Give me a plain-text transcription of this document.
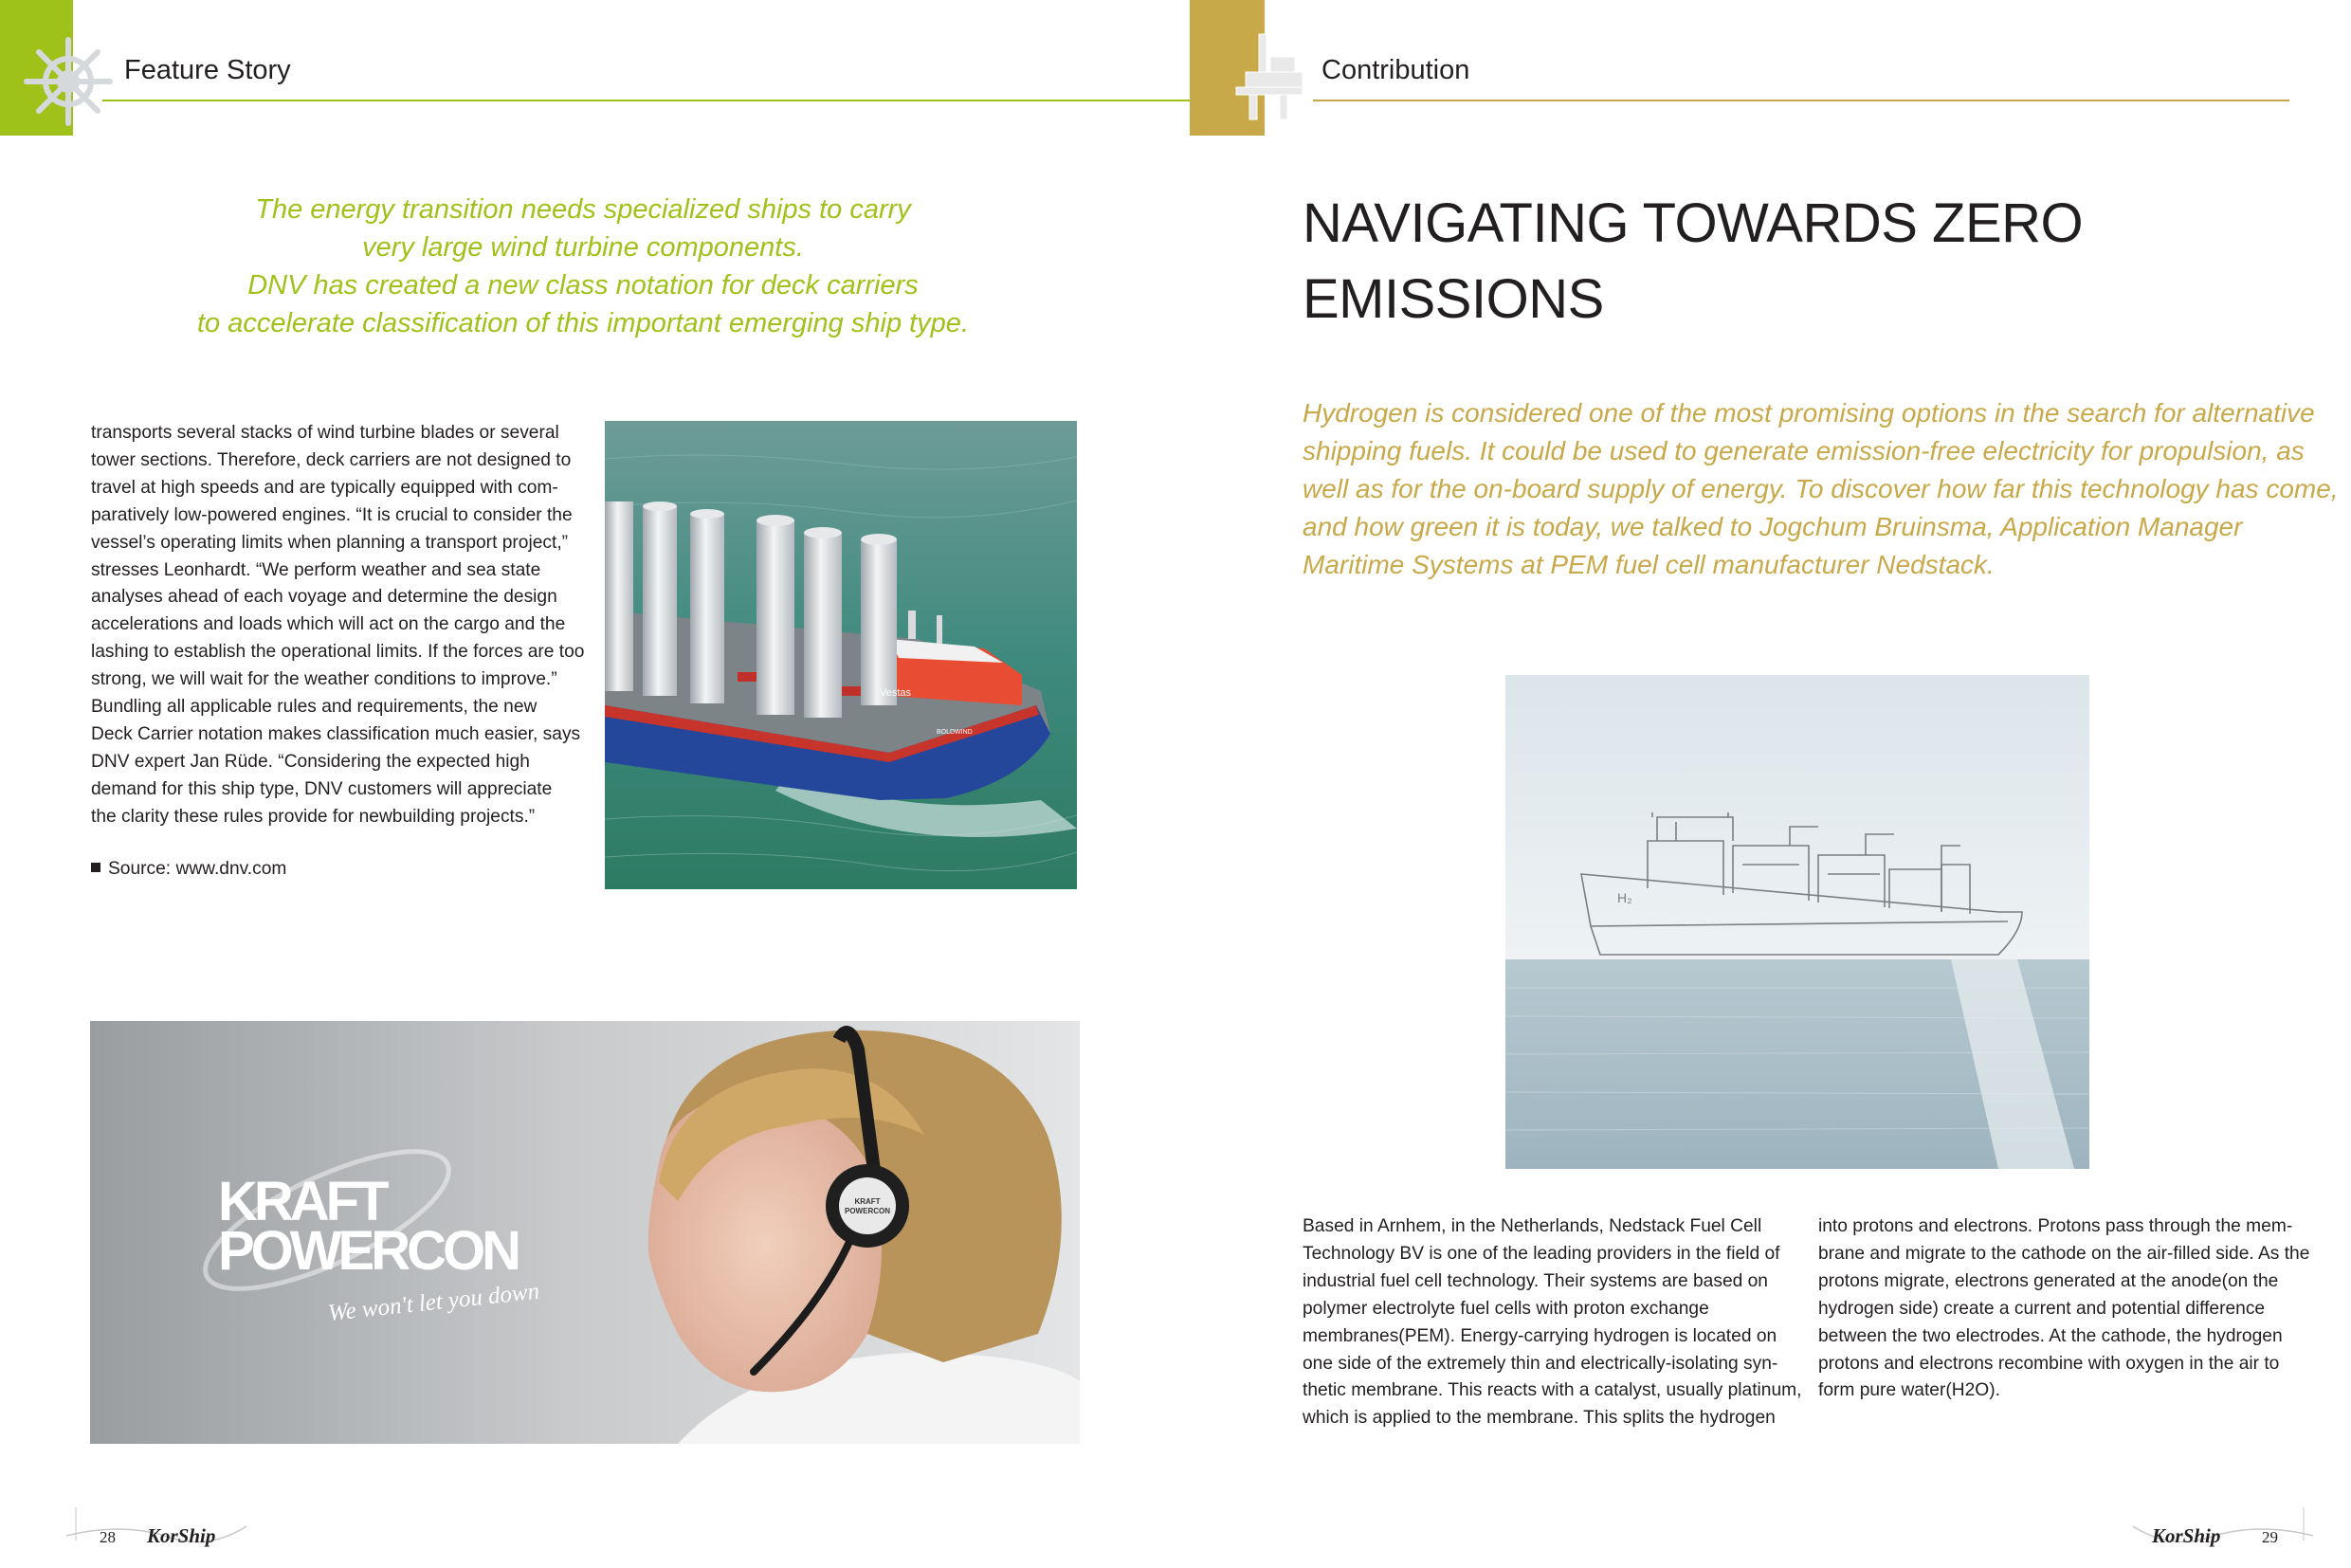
Feature Story	Contribution
The energy transition needs specialized ships to carry
very large wind turbine components.
DNV has created a new class notation for deck carriers
to accelerate classification of this important emerging ship type.
transports several stacks of wind turbine blades or several
tower sections. Therefore, deck carriers are not designed to
travel at high speeds and are typically equipped with com-
paratively low-powered engines. “It is crucial to consider the
vessel’s operating limits when planning a transport project,”
stresses Leonhardt. “We perform weather and sea state
analyses ahead of each voyage and determine the design
accelerations and loads which will act on the cargo and the
lashing to establish the operational limits. If the forces are too
strong, we will wait for the weather conditions to improve.”
Bundling all applicable rules and requirements, the new
Deck Carrier notation makes classification much easier, says
DNV expert Jan Rüde. “Considering the expected high
demand for this ship type, DNV customers will appreciate
the clarity these rules provide for newbuilding projects.”
Source: www.dnv.com
Vestas
BOLDWIND
KRAFT
POWERCON
KRAFT
POWERCON
We won't let you down
NAVIGATING TOWARDS ZERO
EMISSIONS
Hydrogen is considered one of the most promising options in the search for alternative
shipping fuels. It could be used to generate emission-free electricity for propulsion, as
well as for the on-board supply of energy. To discover how far this technology has come,
and how green it is today, we talked to Jogchum Bruinsma, Application Manager
Maritime Systems at PEM fuel cell manufacturer Nedstack.
H₂
Based in Arnhem, in the Netherlands, Nedstack Fuel Cell
Technology BV is one of the leading providers in the field of
industrial fuel cell technology. Their systems are based on
polymer electrolyte fuel cells with proton exchange
membranes(PEM). Energy-carrying hydrogen is located on
one side of the extremely thin and electrically-isolating syn-
thetic membrane. This reacts with a catalyst, usually platinum,
which is applied to the membrane. This splits the hydrogen
into protons and electrons. Protons pass through the mem-
brane and migrate to the cathode on the air-filled side. As the
protons migrate, electrons generated at the anode(on the
hydrogen side) create a current and potential difference
between the two electrodes. At the cathode, the hydrogen
protons and electrons recombine with oxygen in the air to
form pure water(H2O).
28 KorShip	KorShip	29
